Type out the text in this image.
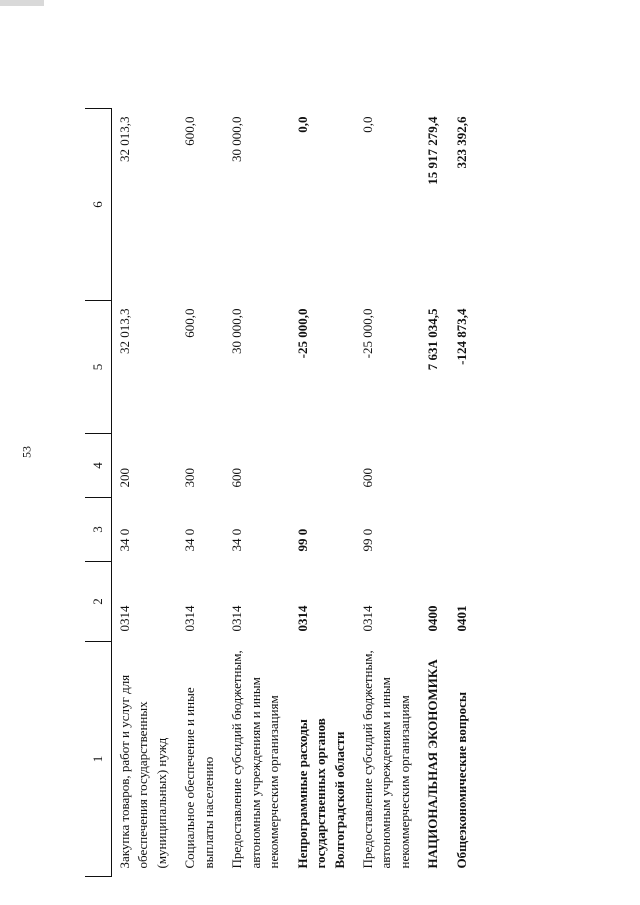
53
1	2	3	4	5	6
Закупка товаров, работ и услуг для обеспечения государственных (муниципальных) нужд	0314	34 0	200	32 013,3	32 013,3
Социальное обеспечение и иные выплаты населению	0314	34 0	300	600,0	600,0
Предоставление субсидий бюджетным, автономным учреждениям и иным некоммерческим организациям	0314	34 0	600	30 000,0	30 000,0
Непрограммные расходы государственных органов Волгоградской области	0314	99 0		-25 000,0	0,0
Предоставление субсидий бюджетным, автономным учреждениям и иным некоммерческим организациям	0314	99 0	600	-25 000,0	0,0
НАЦИОНАЛЬНАЯ ЭКОНОМИКА	0400			7 631 034,5	15 917 279,4
Общеэкономические вопросы	0401			-124 873,4	323 392,6
